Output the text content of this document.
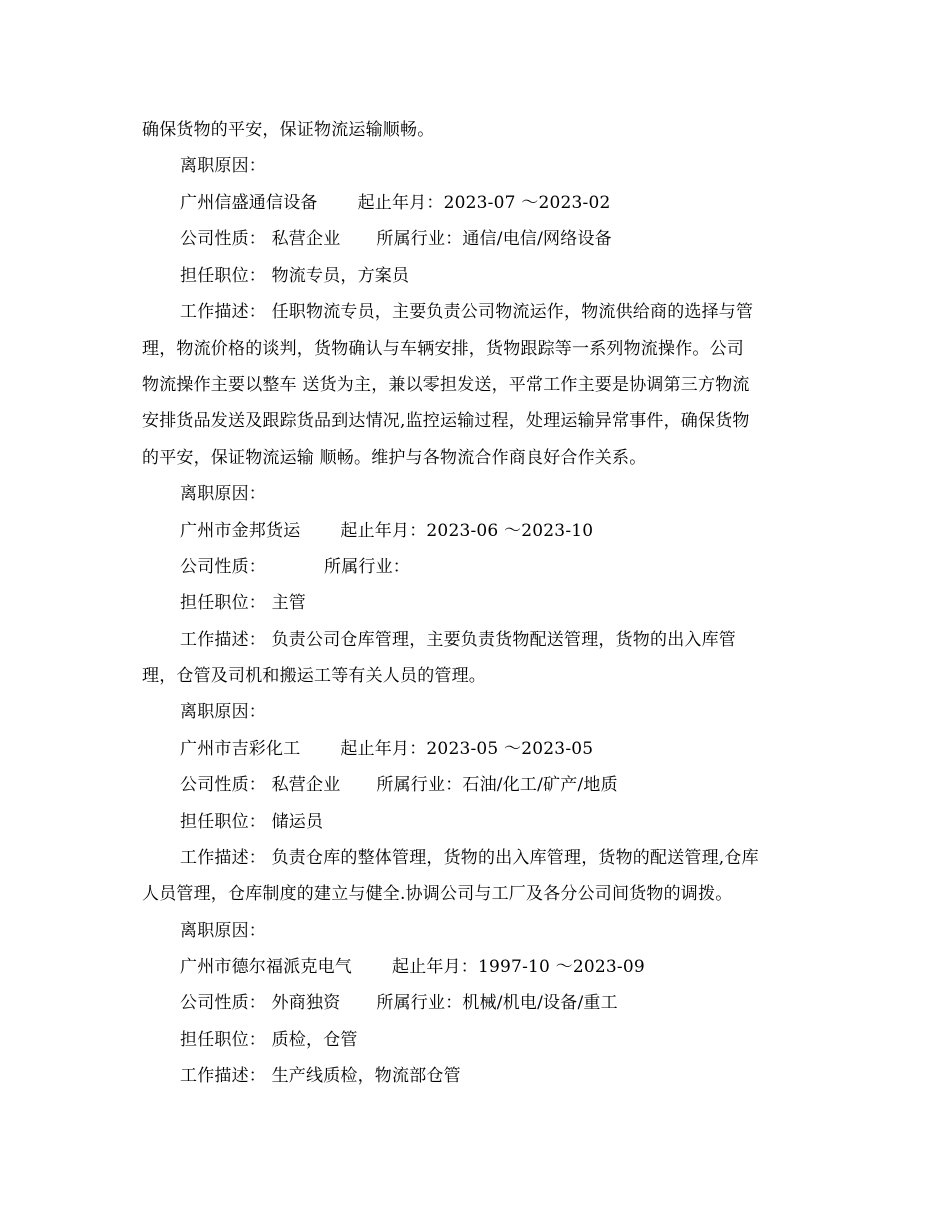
确保货物的平安，保证物流运输顺畅。
离职原因：
广州信盛通信设备 起止年月：2023-07 ～2023-02
公司性质： 私营企业 所属行业：通信/电信/网络设备
担任职位： 物流专员，方案员
工作描述： 任职物流专员，主要负责公司物流运作，物流供给商的选择与管
理，物流价格的谈判，货物确认与车辆安排，货物跟踪等一系列物流操作。公司
物流操作主要以整车 送货为主，兼以零担发送，平常工作主要是协调第三方物流
安排货品发送及跟踪货品到达情况,监控运输过程，处理运输异常事件，确保货物
的平安，保证物流运输 顺畅。维护与各物流合作商良好合作关系。
离职原因：
广州市金邦货运 起止年月：2023-06 ～2023-10
公司性质：	所属行业：
担任职位： 主管
工作描述： 负责公司仓库管理，主要负责货物配送管理，货物的出入库管
理，仓管及司机和搬运工等有关人员的管理。
离职原因：
广州市吉彩化工 起止年月：2023-05 ～2023-05
公司性质： 私营企业 所属行业：石油/化工/矿产/地质
担任职位： 储运员
工作描述： 负责仓库的整体管理，货物的出入库管理，货物的配送管理,仓库
人员管理，仓库制度的建立与健全.协调公司与工厂及各分公司间货物的调拨。
离职原因：
广州市德尔福派克电气 起止年月：1997-10 ～2023-09
公司性质： 外商独资 所属行业：机械/机电/设备/重工
担任职位： 质检，仓管
工作描述： 生产线质检，物流部仓管
